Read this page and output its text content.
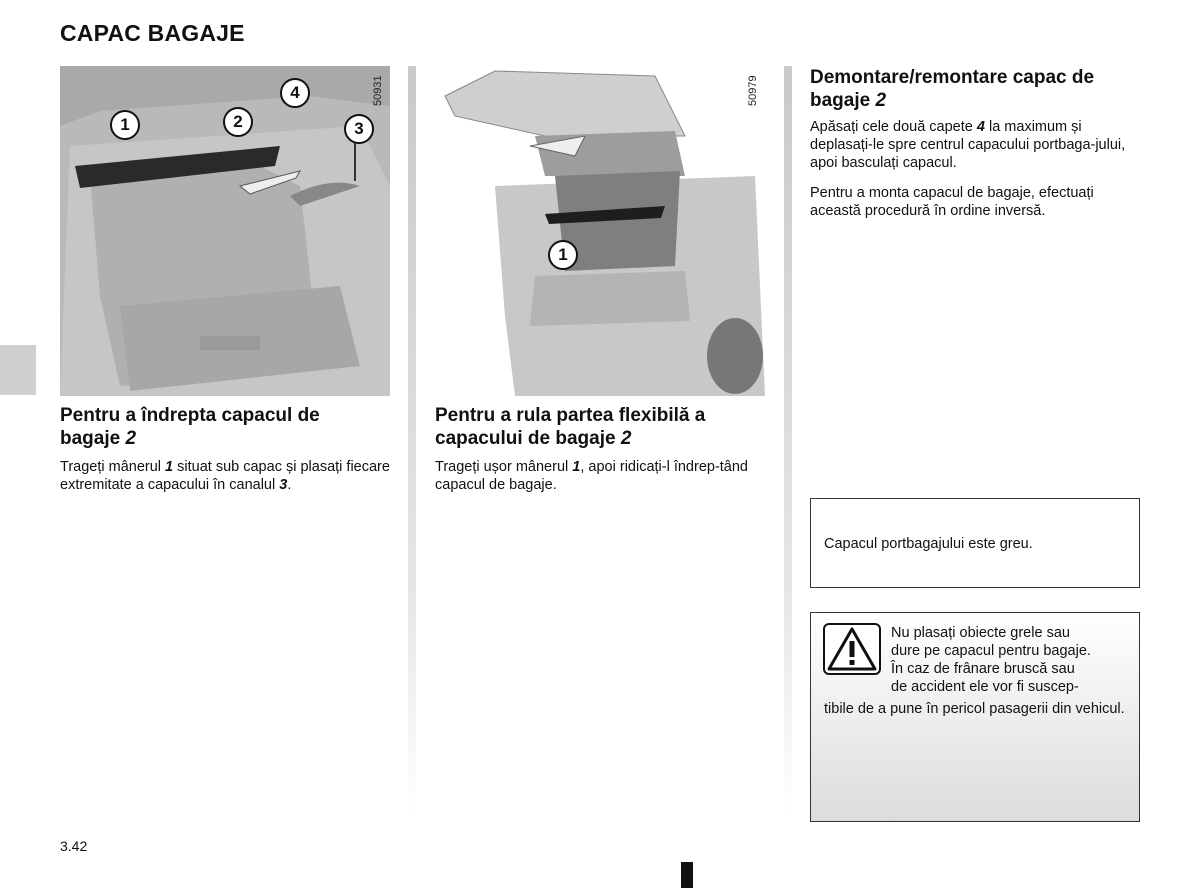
CAPAC BAGAJE
1	2
4
3
50931
1
50979
Pentru a îndrepta capacul de
bagaje 2
Trageți mânerul 1 situat sub capac și plasați fiecare extremitate a capacului în canalul 3.
Pentru a rula partea flexibilă a
capacului de bagaje 2
Trageți ușor mânerul 1, apoi ridicați-l îndrep-tând capacul de bagaje.
Demontare/remontare capac de
bagaje 2
Apăsați cele două capete 4 la maximum și deplasați-le spre centrul capacului portbaga-jului, apoi basculați capacul.
Pentru a monta capacul de bagaje, efectuați această procedură în ordine inversă.
Capacul portbagajului este greu.
Nu plasați obiecte grele sau
dure pe capacul pentru bagaje.
În caz de frânare bruscă sau
de accident ele vor fi suscep-
tibile de a pune în pericol pasagerii din vehicul.
3.42
